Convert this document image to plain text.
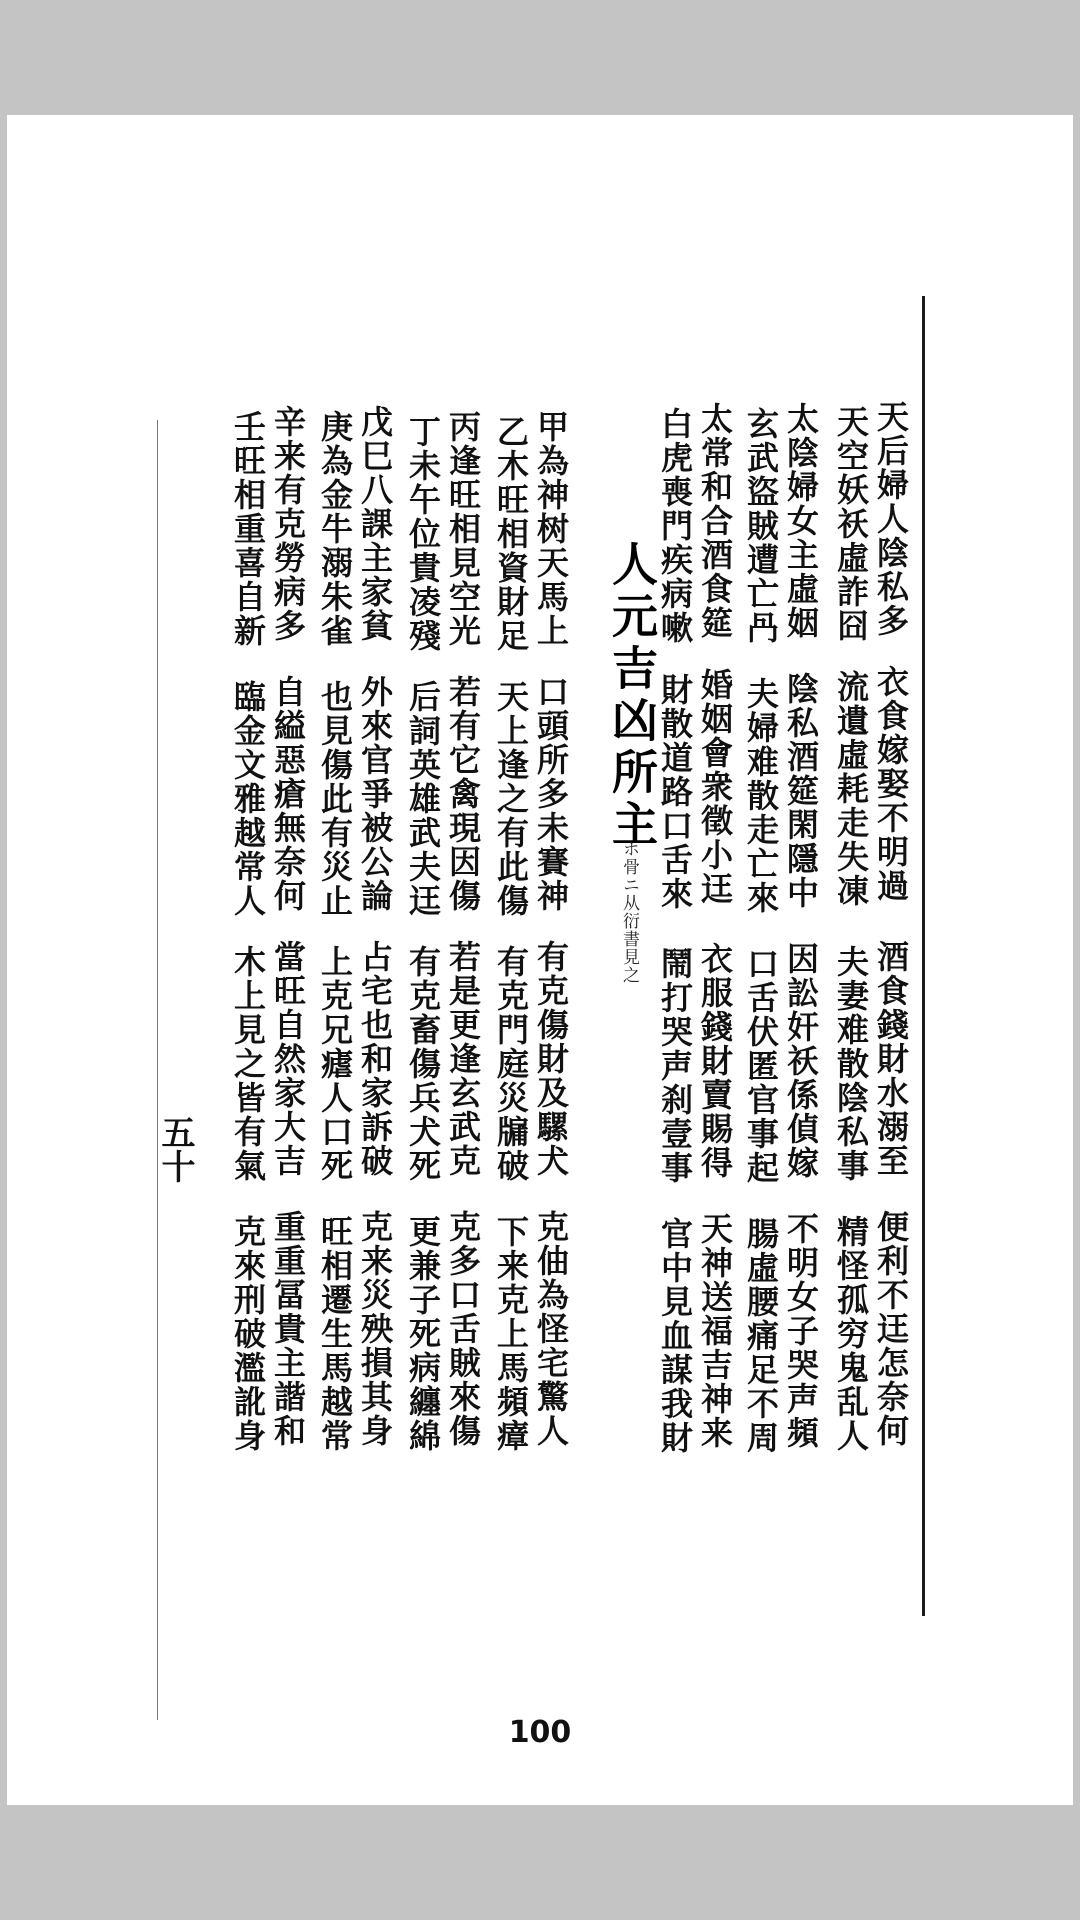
天后婦人陰私多
天空妖祅虛詐囧
太陰婦女主虛姻
玄武盜賊遭亡冎
太常和合酒食筵
白虎喪門疾病嗽
衣食嫁娶不明過
流遺虛耗走失凍
陰私酒筵閑隱中
夫婦难散走亡來
婚姻會衆徵小迋
財散道路口舌來
酒食錢財水溺至
夫妻难散陰私事
因訟奸祅係偵嫁
口舌伏匿官事起
衣服錢財賣賜得
鬧打哭声刹壹事
便利不迋怎奈何
精怪孤穷鬼乱人
不明女子哭声頻
腸虛腰痛足不周
天神送福吉神来
官中見血謀我財
人元吉凶所主
ホ骨ニ从衍書見之
甲為神树天馬上
乙木旺相資財足
丙逢旺相見空光
丁未午位貴凌殘
戊巳八課主家貧
庚為金牛溺朱雀
辛来有克勞病多
壬旺相重喜自新
口頭所多未賽神
天上逢之有此傷
若有它禽現因傷
后詞英雄武夫迋
外來官爭被公論
也見傷此有災止
自縊惡瘡無奈何
臨金文雅越常人
有克傷財及騾犬
有克門庭災牖破
若是更逢玄武克
有克畜傷兵犬死
占宅也和家訴破
上克兄瘧人口死
當旺自然家大吉
木上見之皆有氣
五十
克伷為怪宅驚人
下来克上馬頻瘴
克多口舌賊來傷
更兼子死病纏綿
克来災殃損其身
旺相遷生馬越常
重重冨貴主諧和
克來刑破濫訛身
100
